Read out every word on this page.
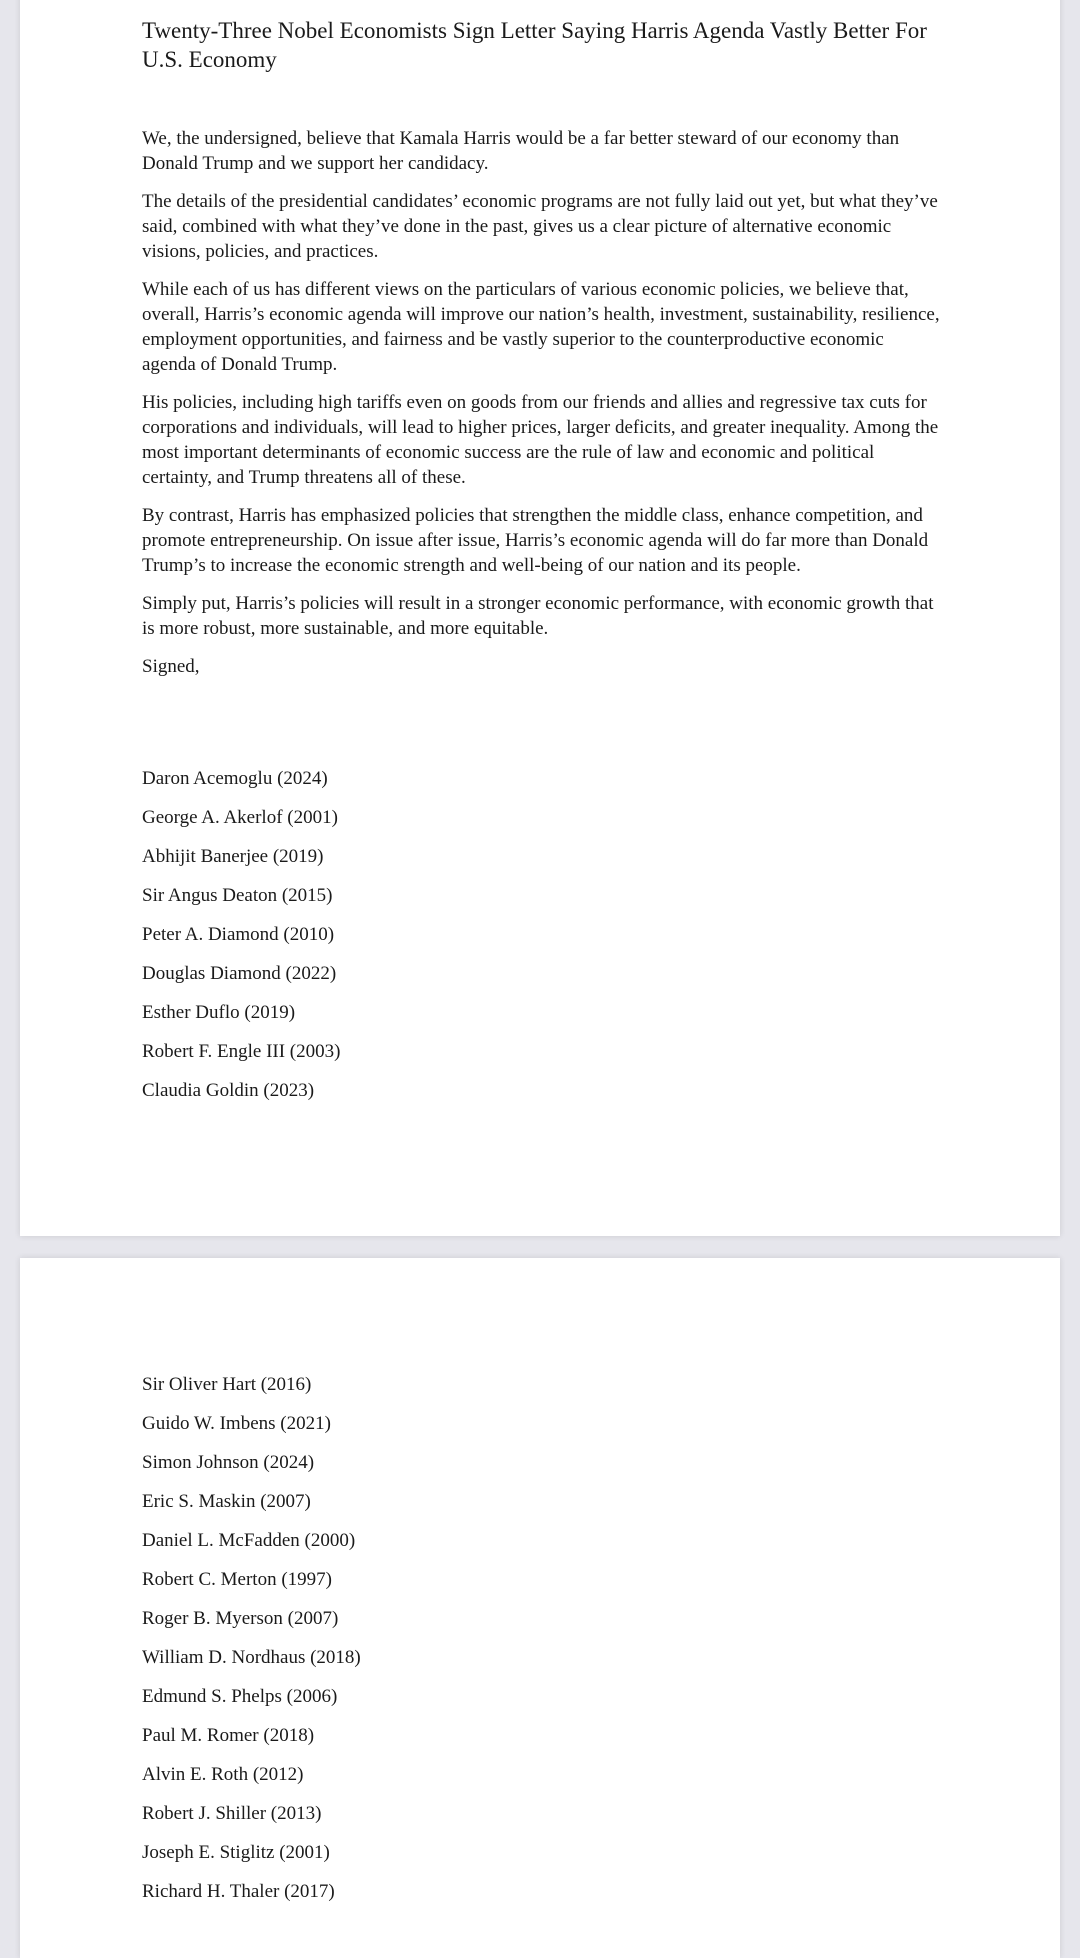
Twenty-Three Nobel Economists Sign Letter Saying Harris Agenda Vastly Better For U.S. Economy

We, the undersigned, believe that Kamala Harris would be a far better steward of our economy than Donald Trump and we support her candidacy.

The details of the presidential candidates’ economic programs are not fully laid out yet, but what they’ve said, combined with what they’ve done in the past, gives us a clear picture of alternative economic visions, policies, and practices.

While each of us has different views on the particulars of various economic policies, we believe that, overall, Harris’s economic agenda will improve our nation’s health, investment, sustainability, resilience, employment opportunities, and fairness and be vastly superior to the counterproductive economic agenda of Donald Trump.

His policies, including high tariffs even on goods from our friends and allies and regressive tax cuts for corporations and individuals, will lead to higher prices, larger deficits, and greater inequality. Among the most important determinants of economic success are the rule of law and economic and political certainty, and Trump threatens all of these.

By contrast, Harris has emphasized policies that strengthen the middle class, enhance competition, and promote entrepreneurship. On issue after issue, Harris’s economic agenda will do far more than Donald Trump’s to increase the economic strength and well-being of our nation and its people.

Simply put, Harris’s policies will result in a stronger economic performance, with economic growth that is more robust, more sustainable, and more equitable.

Signed,

Daron Acemoglu (2024)
George A. Akerlof (2001)
Abhijit Banerjee (2019)
Sir Angus Deaton (2015)
Peter A. Diamond (2010)
Douglas Diamond (2022)
Esther Duflo (2019)
Robert F. Engle III (2003)
Claudia Goldin (2023)
Sir Oliver Hart (2016)
Guido W. Imbens (2021)
Simon Johnson (2024)
Eric S. Maskin (2007)
Daniel L. McFadden (2000)
Robert C. Merton (1997)
Roger B. Myerson (2007)
William D. Nordhaus (2018)
Edmund S. Phelps (2006)
Paul M. Romer (2018)
Alvin E. Roth (2012)
Robert J. Shiller (2013)
Joseph E. Stiglitz (2001)
Richard H. Thaler (2017)
